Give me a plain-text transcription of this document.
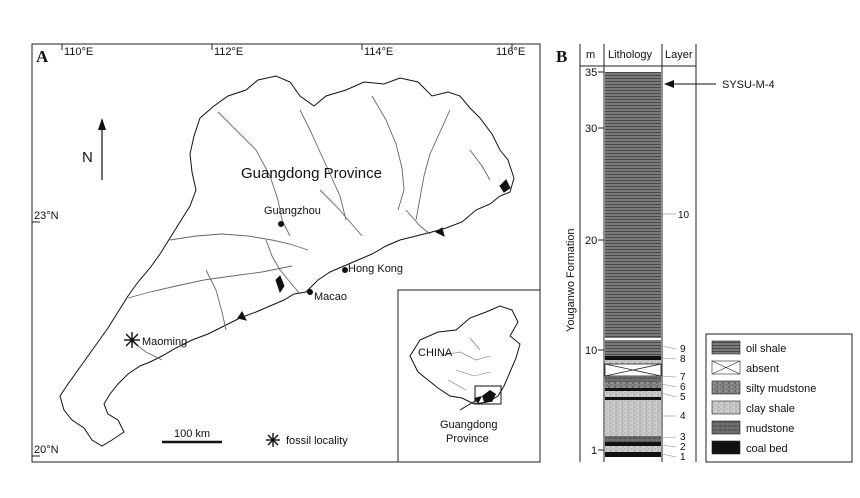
A 110°E	112°E	114°E	116°E
23°N
20°N
N
Guangdong Province
Guangzhou
Hong Kong
Macao
Maoming
100 km
fossil locality
CHINA
Guangdong
Province
B m Lithology Layer
35
30
20
10
1
Youganwo Formation
10
9
8
7
6
5
4
3
2
1
SYSU-M-4
oil shale
absent
silty mudstone
clay shale
mudstone
coal bed
